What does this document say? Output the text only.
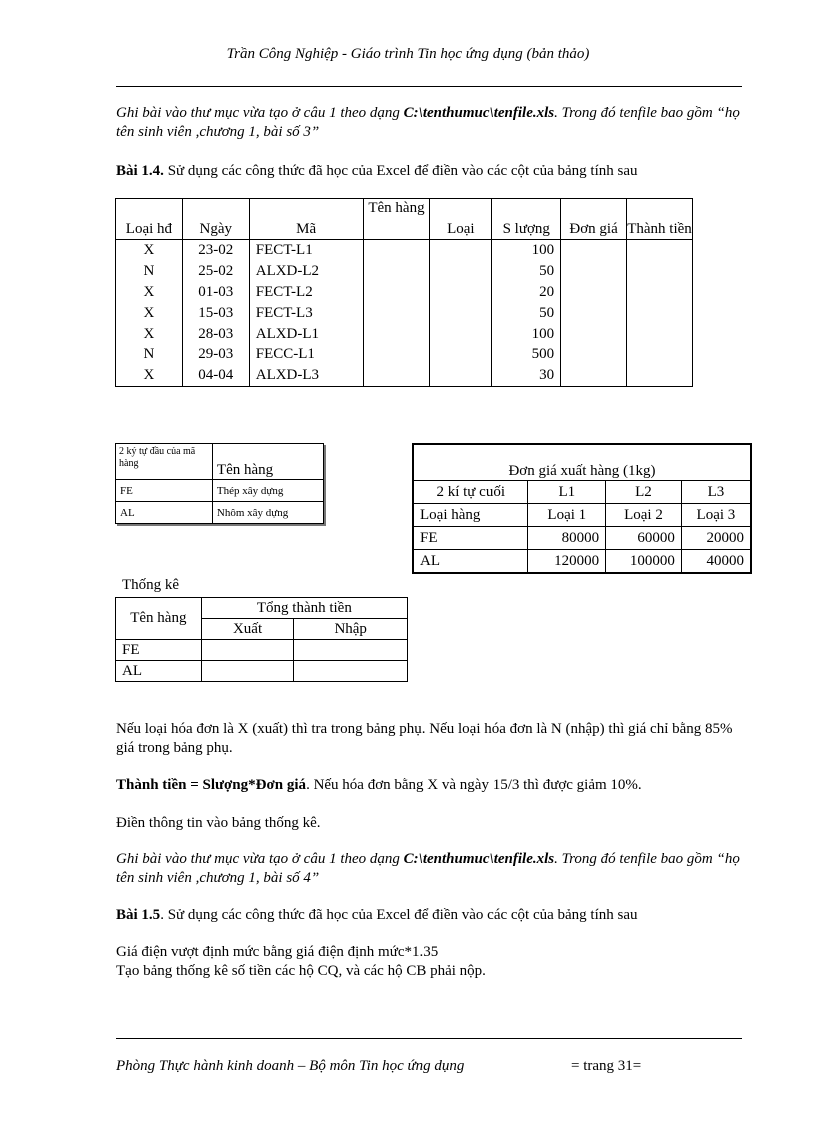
Trần Công Nghiệp - Giáo trình Tin học ứng dụng (bản thảo)
Ghi bài vào thư mục vừa tạo ở câu 1 theo dạng C:\tenthumuc\tenfile.xls. Trong đó tenfile bao gồm “họ tên sinh viên ,chương 1, bài số 3”
Bài 1.4. Sử dụng các công thức đã học của Excel để điền vào các cột của bảng tính sau
Loại hđ	Ngày	Mã	Tên hàng	Loại	S lượng	Đơn giá	Thành tiền
X	23-02	FECT-L1			100		
N	25-02	ALXD-L2			50		
X	01-03	FECT-L2			20		
X	15-03	FECT-L3			50		
X	28-03	ALXD-L1			100		
N	29-03	FECC-L1			500		
X	04-04	ALXD-L3			30		
2 ký tự đầu của mã hàng	Tên hàng
FE	Thép xây dựng
AL	Nhôm xây dựng
Đơn giá xuất hàng (1kg)			
2 kí tự cuối	L1	L2	L3
Loại hàng	Loại 1	Loại 2	Loại 3
FE	80000	60000	20000
AL	120000	100000	40000
Thống kê
Tên hàng	Tổng thành tiền	
	Xuất	Nhập
FE		
AL		
Nếu loại hóa đơn là X (xuất) thì tra trong bảng phụ. Nếu loại hóa đơn là N (nhập) thì giá chỉ bằng 85% giá trong bảng phụ.
Thành tiền = Slượng*Đơn giá. Nếu hóa đơn bằng X và ngày 15/3 thì được giảm 10%.
Điền thông tin vào bảng thống kê.
Ghi bài vào thư mục vừa tạo ở câu 1 theo dạng C:\tenthumuc\tenfile.xls. Trong đó tenfile bao gồm “họ tên sinh viên ,chương 1, bài số 4”
Bài 1.5. Sử dụng các công thức đã học của Excel để điền vào các cột của bảng tính sau
Giá điện vượt định mức bằng giá điện định mức*1.35
Tạo bảng thống kê số tiền các hộ CQ, và các hộ CB phải nộp.
Phòng Thực hành kinh doanh – Bộ môn Tin học ứng dụng	= trang 31=
